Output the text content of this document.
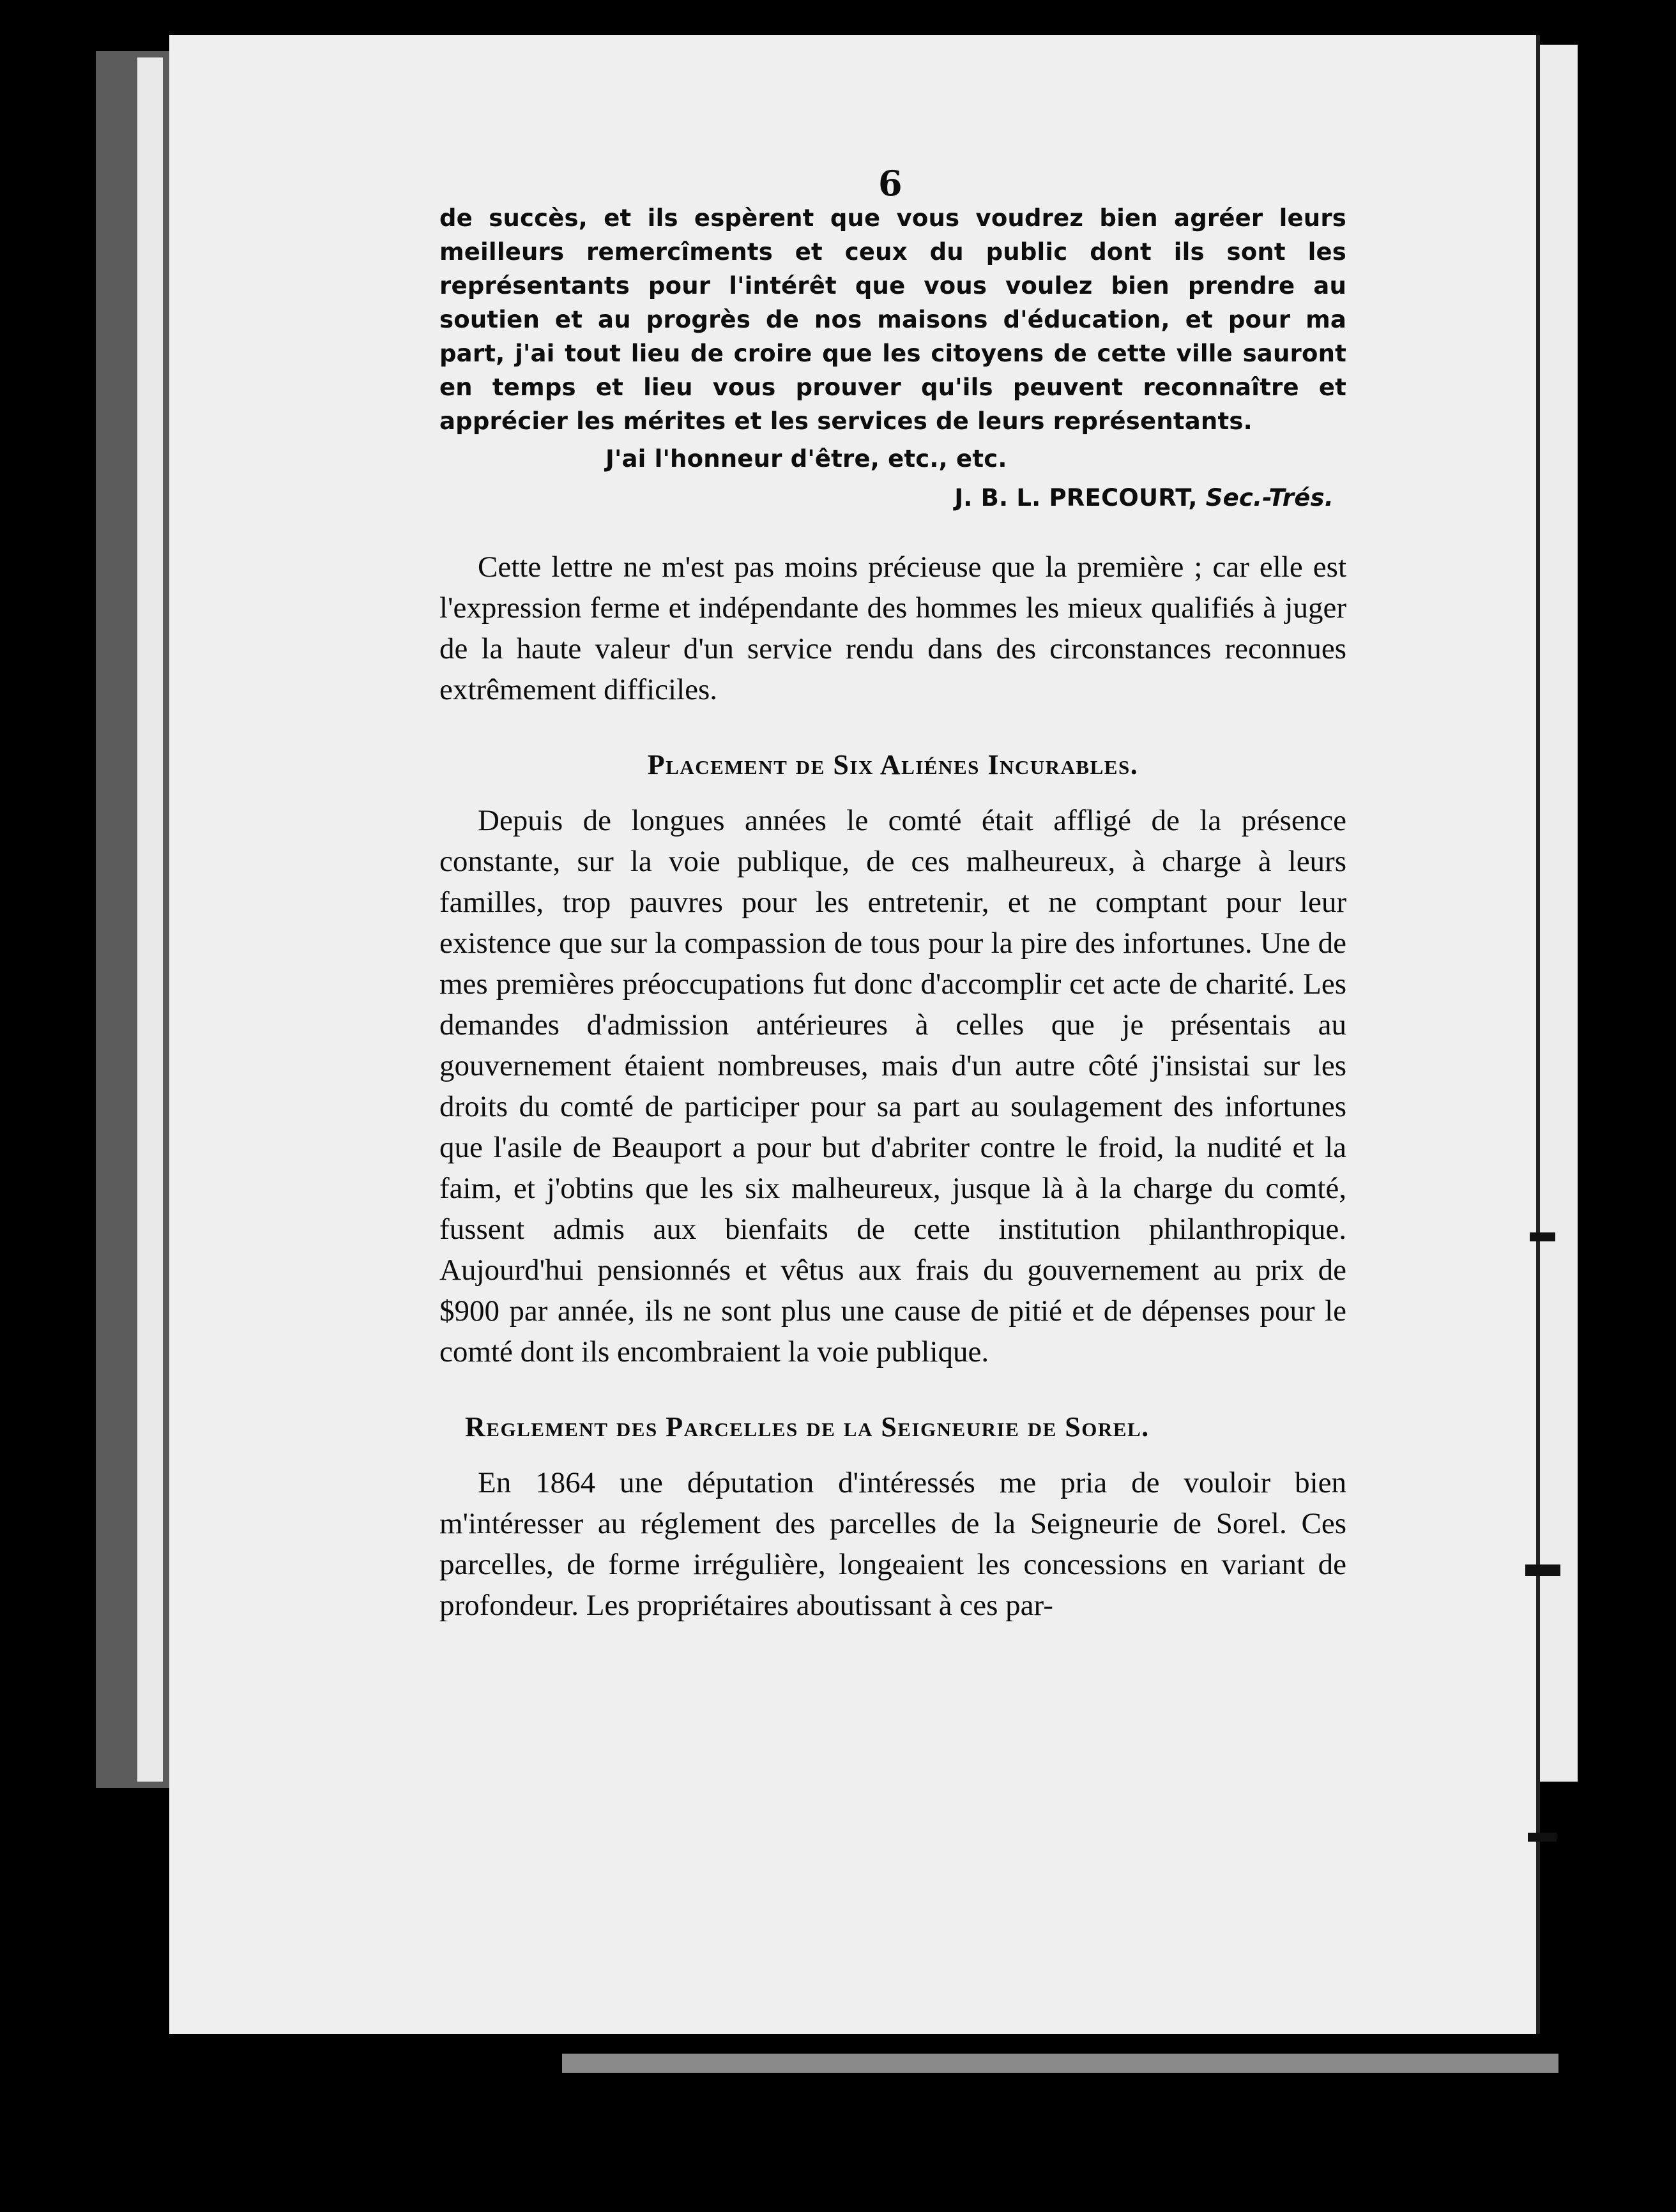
6
de succès, et ils espèrent que vous voudrez bien agréer leurs meilleurs remercîments et ceux du public dont ils sont les représentants pour l'intérêt que vous voulez bien prendre au soutien et au progrès de nos maisons d'éducation, et pour ma part, j'ai tout lieu de croire que les citoyens de cette ville sauront en temps et lieu vous prouver qu'ils peuvent reconnaître et apprécier les mérites et les services de leurs représentants.
J'ai l'honneur d'être, etc., etc.
J. B. L. PRECOURT, Sec.-Trés.

Cette lettre ne m'est pas moins précieuse que la première ; car elle est l'expression ferme et indépendante des hommes les mieux qualifiés à juger de la haute valeur d'un service rendu dans des circonstances reconnues extrêmement difficiles.

Placement de Six Aliénes Incurables.

Depuis de longues années le comté était affligé de la présence constante, sur la voie publique, de ces malheureux, à charge à leurs familles, trop pauvres pour les entretenir, et ne comptant pour leur existence que sur la compassion de tous pour la pire des infortunes. Une de mes premières préoccupations fut donc d'accomplir cet acte de charité. Les demandes d'admission antérieures à celles que je présentais au gouvernement étaient nombreuses, mais d'un autre côté j'insistai sur les droits du comté de participer pour sa part au soulagement des infortunes que l'asile de Beauport a pour but d'abriter contre le froid, la nudité et la faim, et j'obtins que les six malheureux, jusque là à la charge du comté, fussent admis aux bienfaits de cette institution philanthropique. Aujourd'hui pensionnés et vêtus aux frais du gouvernement au prix de $900 par année, ils ne sont plus une cause de pitié et de dépenses pour le comté dont ils encombraient la voie publique.

Reglement des Parcelles de la Seigneurie de Sorel.

En 1864 une députation d'intéressés me pria de vouloir bien m'intéresser au réglement des parcelles de la Seigneurie de Sorel. Ces parcelles, de forme irrégulière, longeaient les concessions en variant de profondeur. Les propriétaires aboutissant à ces par-
